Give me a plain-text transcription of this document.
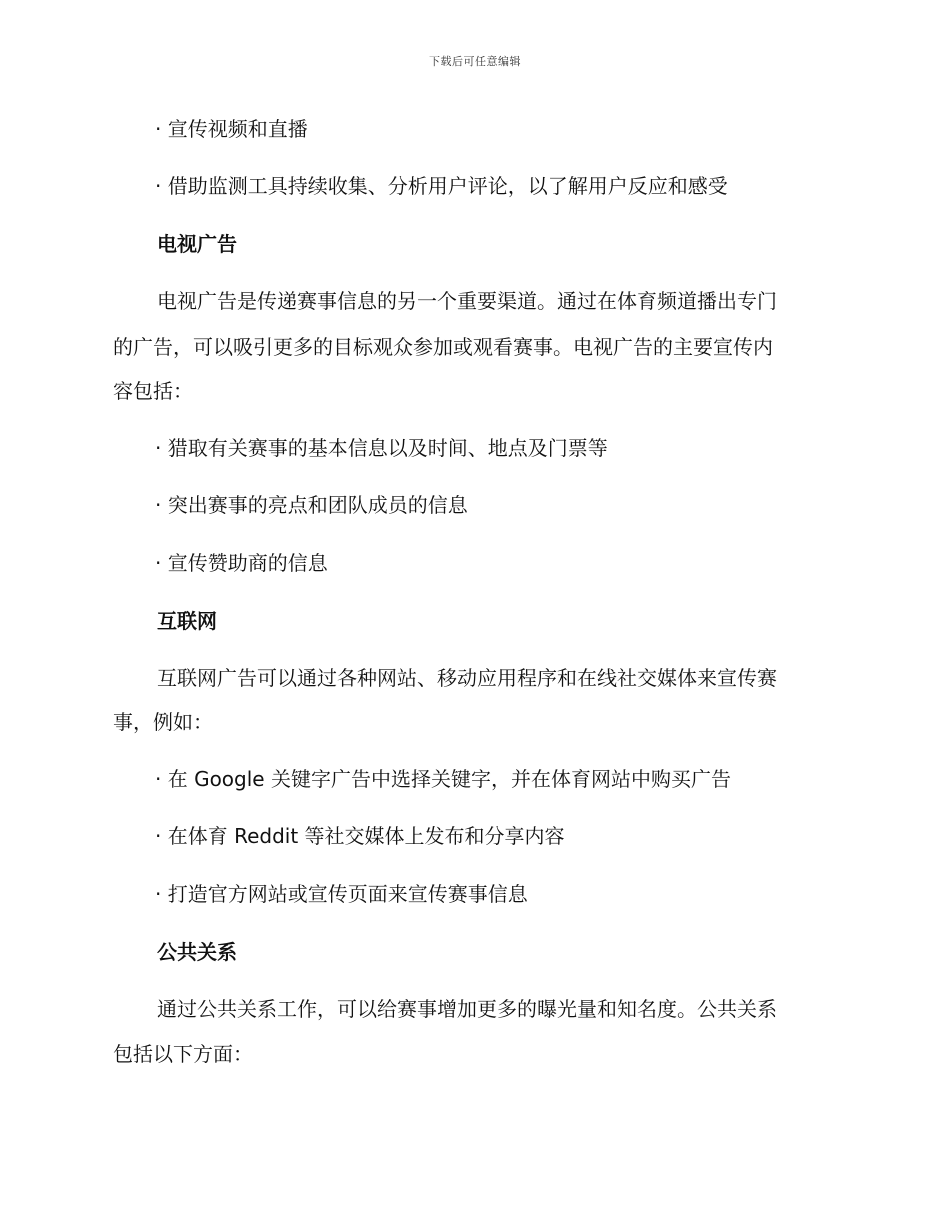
下载后可任意编辑
· 宣传视频和直播
· 借助监测工具持续收集、分析用户评论，以了解用户反应和感受
电视广告
电视广告是传递赛事信息的另一个重要渠道。通过在体育频道播出专门
的广告，可以吸引更多的目标观众参加或观看赛事。电视广告的主要宣传内
容包括：
· 猎取有关赛事的基本信息以及时间、地点及门票等
· 突出赛事的亮点和团队成员的信息
· 宣传赞助商的信息
互联网
互联网广告可以通过各种网站、移动应用程序和在线社交媒体来宣传赛
事，例如：
· 在 Google 关键字广告中选择关键字，并在体育网站中购买广告
· 在体育 Reddit 等社交媒体上发布和分享内容
· 打造官方网站或宣传页面来宣传赛事信息
公共关系
通过公共关系工作，可以给赛事增加更多的曝光量和知名度。公共关系
包括以下方面：
